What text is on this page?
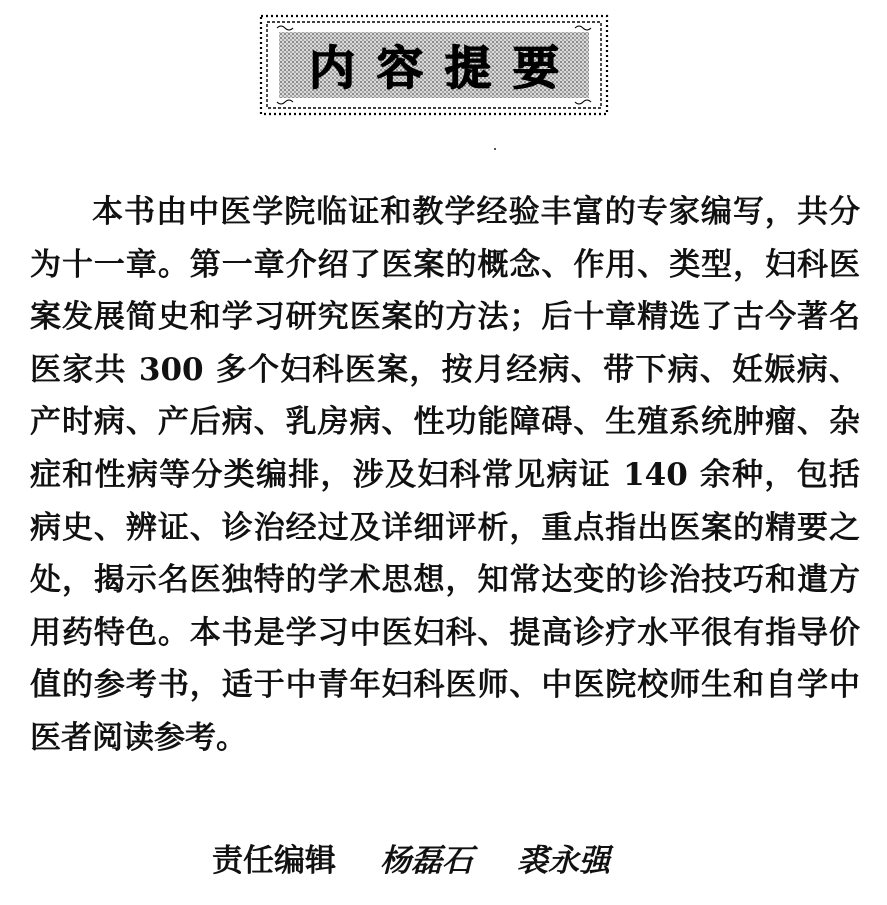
内容提要

本书由中医学院临证和教学经验丰富的专家编写，共分为十一章。第一章介绍了医案的概念、作用、类型，妇科医案发展简史和学习研究医案的方法；后十章精选了古今著名医家共 300 多个妇科医案，按月经病、带下病、妊娠病、产时病、产后病、乳房病、性功能障碍、生殖系统肿瘤、杂症和性病等分类编排，涉及妇科常见病证 140 余种，包括病史、辨证、诊治经过及详细评析，重点指出医案的精要之处，揭示名医独特的学术思想，知常达变的诊治技巧和遣方用药特色。本书是学习中医妇科、提高诊疗水平很有指导价值的参考书，适于中青年妇科医师、中医院校师生和自学中医者阅读参考。

责任编辑 杨磊石 裘永强
